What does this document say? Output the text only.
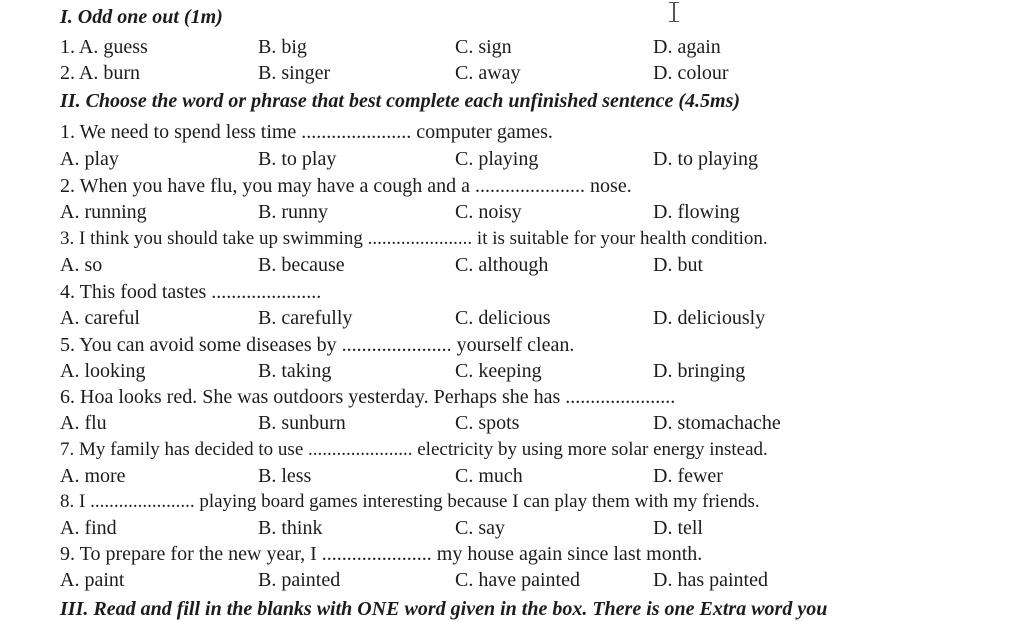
I. Odd one out (1m)
1. A. guess	B. big	C. sign	D. again
2. A. burn	B. singer	C. away	D. colour
II. Choose the word or phrase that best complete each unfinished sentence (4.5ms)
1. We need to spend less time ...................... computer games.
A. play	B. to play	C. playing	D. to playing
2. When you have flu, you may have a cough and a ...................... nose.
A. running	B. runny	C. noisy	D. flowing
3. I think you should take up swimming ...................... it is suitable for your health condition.
A. so	B. because	C. although	D. but
4. This food tastes ......................
A. careful	B. carefully	C. delicious	D. deliciously
5. You can avoid some diseases by ...................... yourself clean.
A. looking	B. taking	C. keeping	D. bringing
6. Hoa looks red. She was outdoors yesterday. Perhaps she has ......................
A. flu	B. sunburn	C. spots	D. stomachache
7. My family has decided to use ...................... electricity by using more solar energy instead.
A. more	B. less	C. much	D. fewer
8. I ...................... playing board games interesting because I can play them with my friends.
A. find	B. think	C. say	D. tell
9. To prepare for the new year, I ...................... my house again since last month.
A. paint	B. painted	C. have painted	D. has painted
III. Read and fill in the blanks with ONE word given in the box. There is one Extra word you
